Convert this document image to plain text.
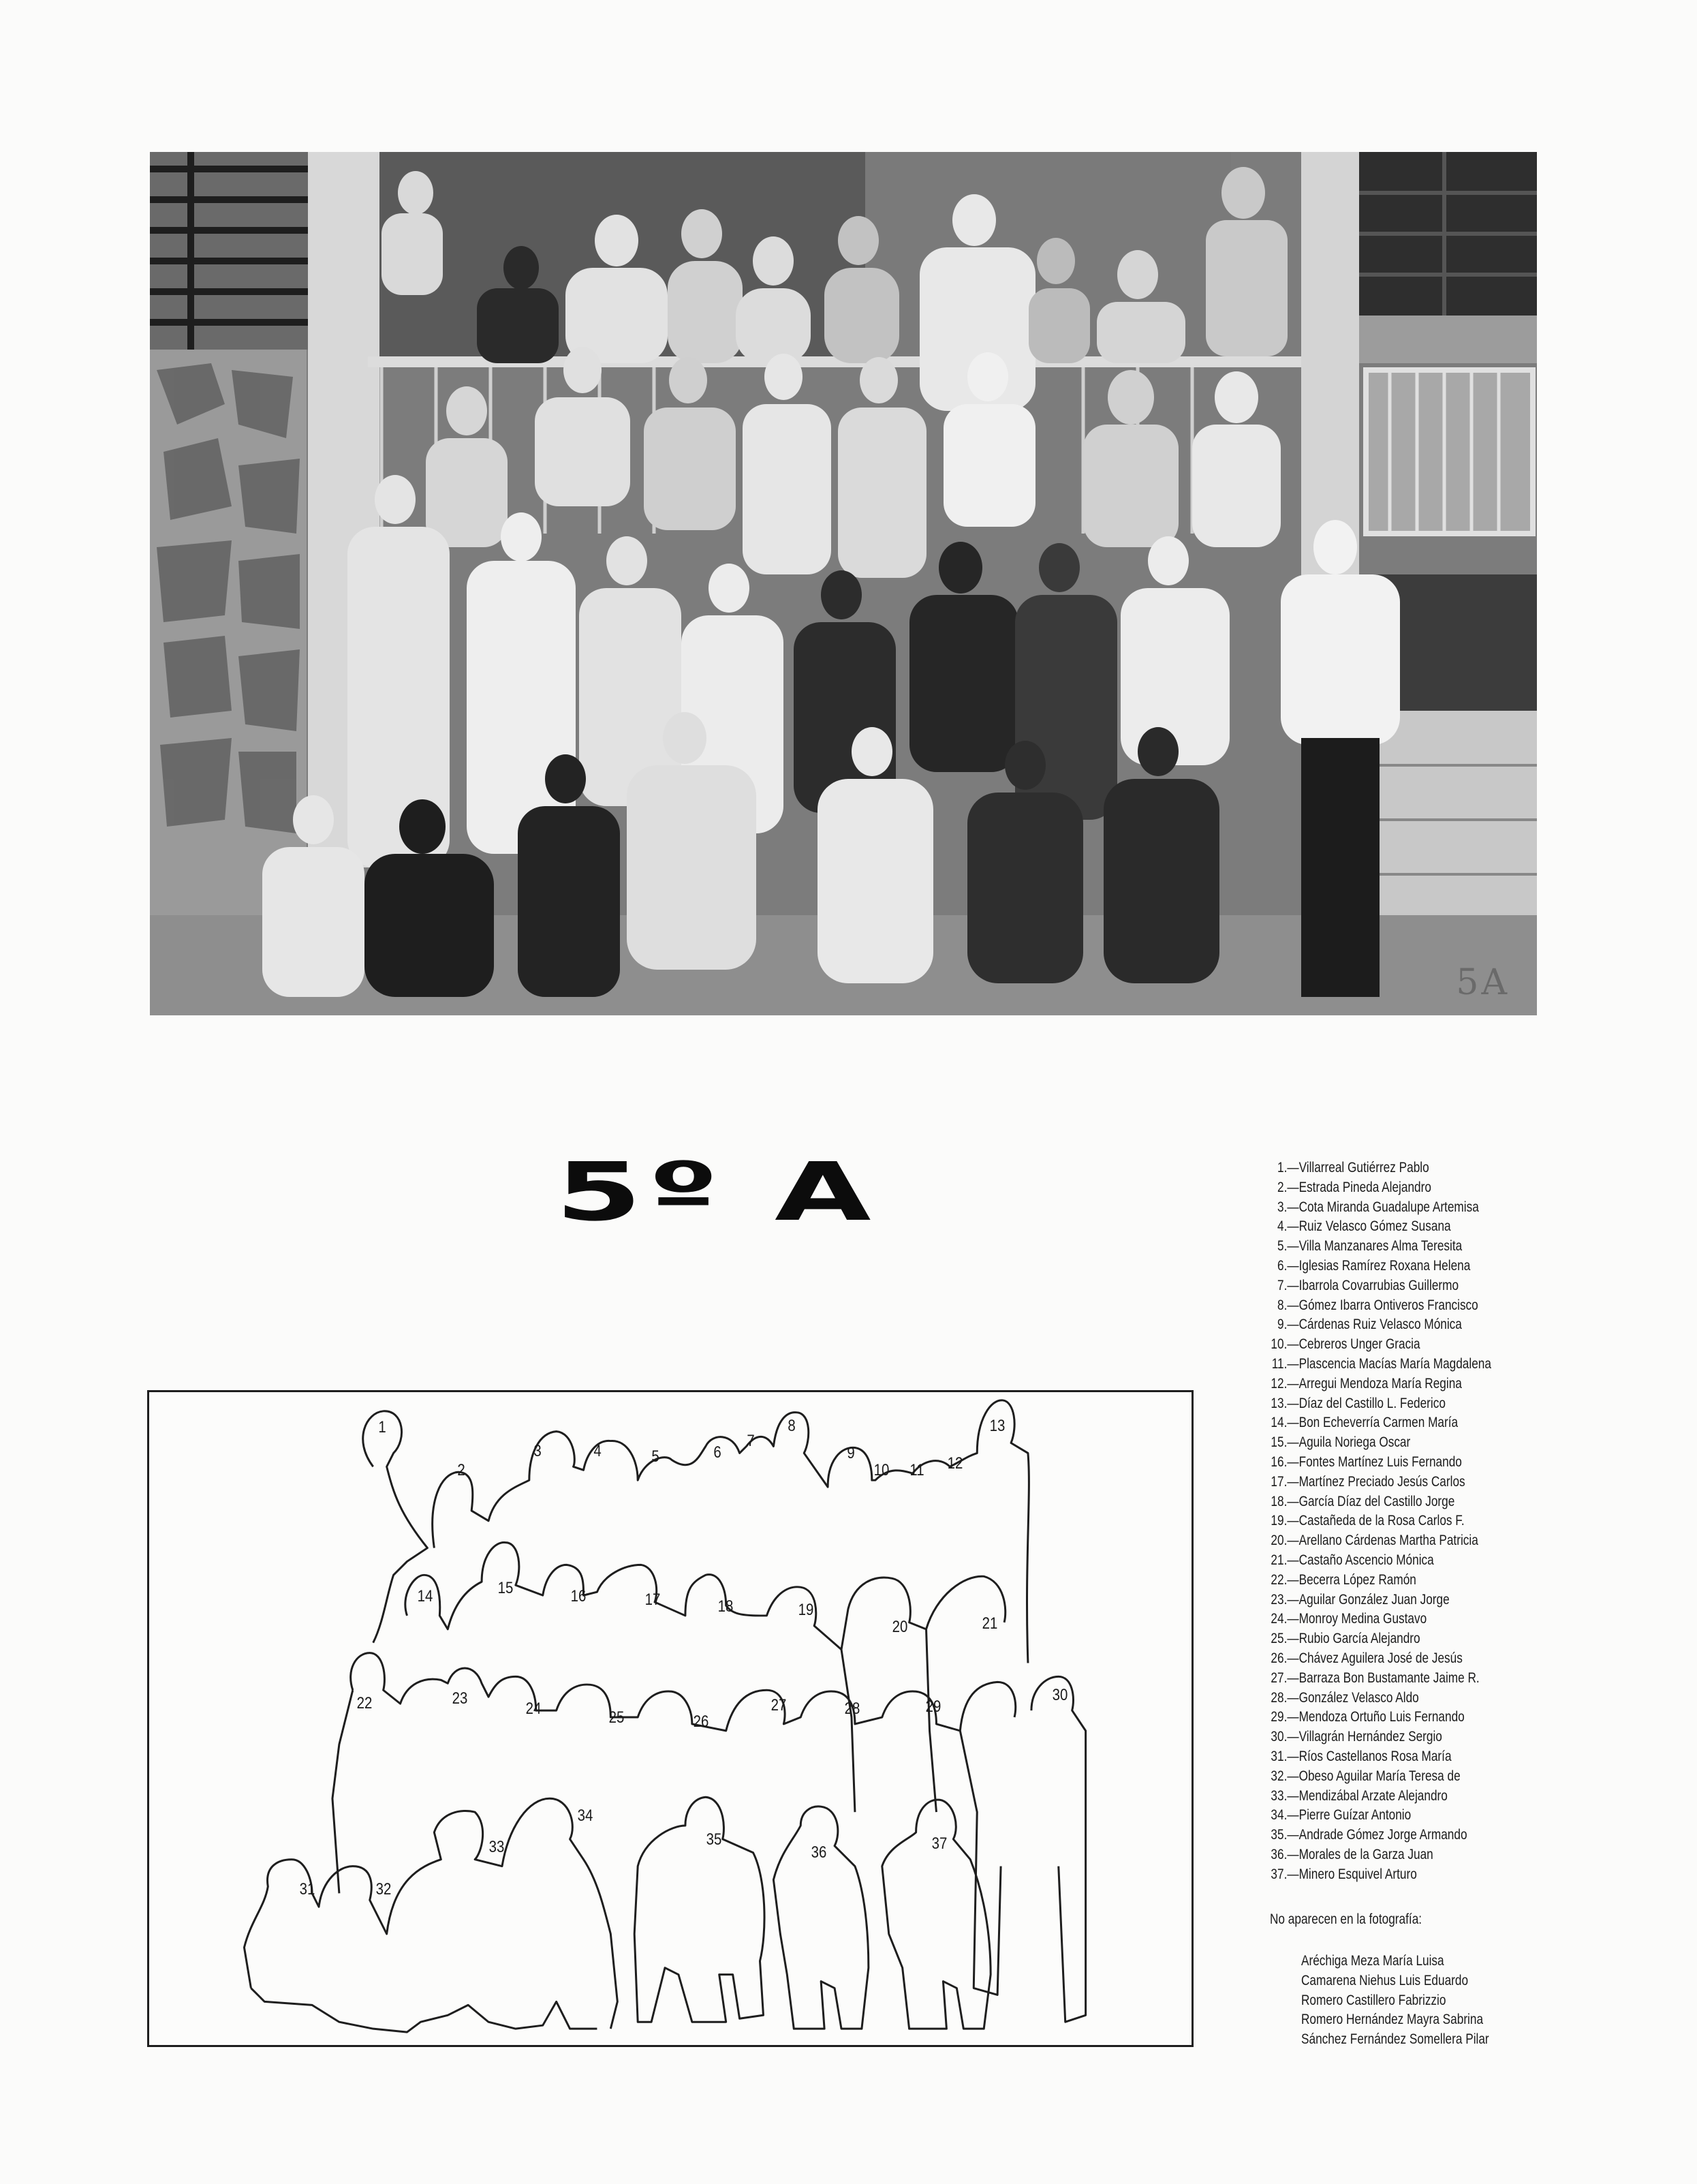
5A
5º A	1.—Villarreal Gutiérrez Pablo
2.—Estrada Pineda Alejandro
3.—Cota Miranda Guadalupe Artemisa
4.—Ruiz Velasco Gómez Susana
5.—Villa Manzanares Alma Teresita
6.—Iglesias Ramírez Roxana Helena
7.—Ibarrola Covarrubias Guillermo
8.—Gómez Ibarra Ontiveros Francisco
9.—Cárdenas Ruiz Velasco Mónica
10.—Cebreros Unger Gracia
11.—Plascencia Macías María Magdalena
12.—Arregui Mendoza María Regina
13.—Díaz del Castillo L. Federico
14.—Bon Echeverría Carmen María
15.—Aguila Noriega Oscar
16.—Fontes Martínez Luis Fernando
17.—Martínez Preciado Jesús Carlos
18.—García Díaz del Castillo Jorge
19.—Castañeda de la Rosa Carlos F.
20.—Arellano Cárdenas Martha Patricia
21.—Castaño Ascencio Mónica
22.—Becerra López Ramón
23.—Aguilar González Juan Jorge
24.—Monroy Medina Gustavo
25.—Rubio García Alejandro
26.—Chávez Aguilera José de Jesús
27.—Barraza Bon Bustamante Jaime R.
28.—González Velasco Aldo
29.—Mendoza Ortuño Luis Fernando
30.—Villagrán Hernández Sergio
31.—Ríos Castellanos Rosa María
32.—Obeso Aguilar María Teresa de
33.—Mendizábal Arzate Alejandro
34.—Pierre Guízar Antonio
35.—Andrade Gómez Jorge Armando
36.—Morales de la Garza Juan
37.—Minero Esquivel Arturo
No aparecen en la fotografía:
Aréchiga Meza María Luisa
Camarena Niehus Luis Eduardo
Romero Castillero Fabrizzio
Romero Hernández Mayra Sabrina
Sánchez Fernández Somellera Pilar
1
2
3	4	5	6
7
8
9
10 11 12
13
14	15	16	17	18	19
20	21
22	23
24	25	26
27	28	29
30
31	32
33
34
35
36	37
